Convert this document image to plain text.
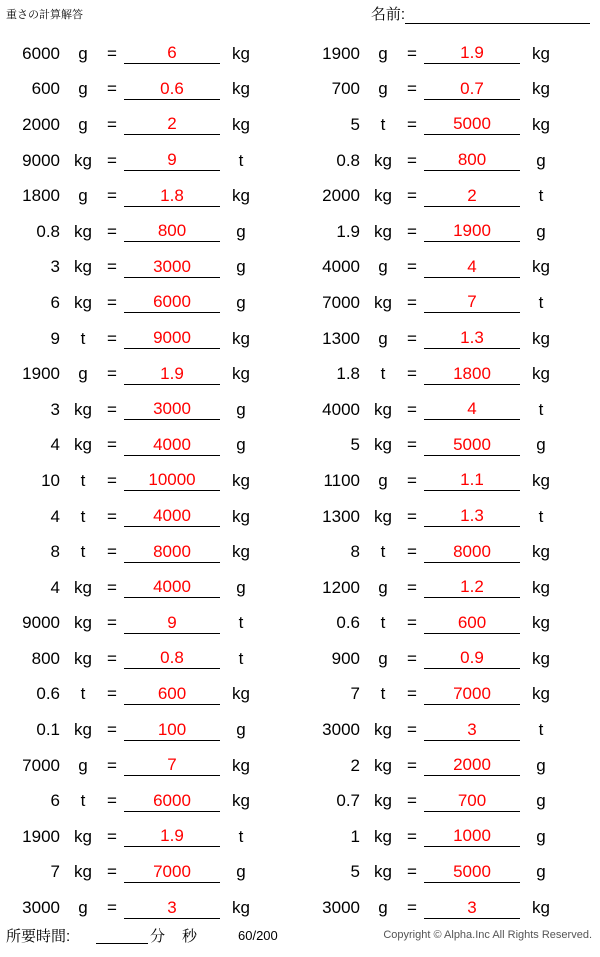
重さの計算解答	名前:
6000	g	=	6	kg
600	g	=	0.6	kg
2000	g	=	2	kg
9000 kg =	9	t
1800	g	=	1.8	kg
0.8 kg =	800	g
3 kg =	3000	g
6 kg =	6000	g
9	t	=	9000	kg
1900	g	=	1.9	kg
3 kg =	3000	g
4 kg =	4000	g
10	t	=	10000	kg
4	t	=	4000	kg
8	t	=	8000	kg
4 kg =	4000	g
9000 kg =	9	t
800 kg =	0.8	t
0.6	t	=	600	kg
0.1 kg =	100	g
7000	g	=	7	kg
6	t	=	6000	kg
1900 kg =	1.9	t
7 kg =	7000	g
3000	g	=	3	kg
1900	g	=	1.9	kg
700	g	=	0.7	kg
5	t	=	5000	kg
0.8 kg =	800	g
2000 kg =	2	t
1.9 kg =	1900	g
4000	g	=	4	kg
7000 kg =	7	t
1300	g	=	1.3	kg
1.8	t	=	1800	kg
4000 kg =	4	t
5 kg =	5000	g
1100	g	=	1.1	kg
1300 kg =	1.3	t
8	t	=	8000	kg
1200	g	=	1.2	kg
0.6	t	=	600	kg
900	g	=	0.9	kg
7	t	=	7000	kg
3000 kg =	3	t
2 kg =	2000	g
0.7 kg =	700	g
1 kg =	1000	g
5 kg =	5000	g
3000	g	=	3	kg
所要時間:	分 秒	60/200	Copyright © Alpha.Inc All Rights Reserved.
